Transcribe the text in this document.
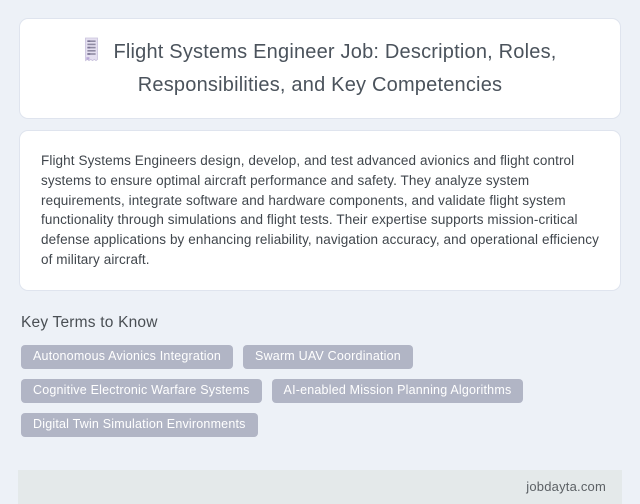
Flight Systems Engineer Job: Description, Roles, Responsibilities, and Key Competencies

Flight Systems Engineers design, develop, and test advanced avionics and flight control systems to ensure optimal aircraft performance and safety. They analyze system requirements, integrate software and hardware components, and validate flight system functionality through simulations and flight tests. Their expertise supports mission-critical defense applications by enhancing reliability, navigation accuracy, and operational efficiency of military aircraft.

Key Terms to Know
Autonomous Avionics Integration	Swarm UAV Coordination
Cognitive Electronic Warfare Systems	AI-enabled Mission Planning Algorithms
Digital Twin Simulation Environments
jobdayta.com
